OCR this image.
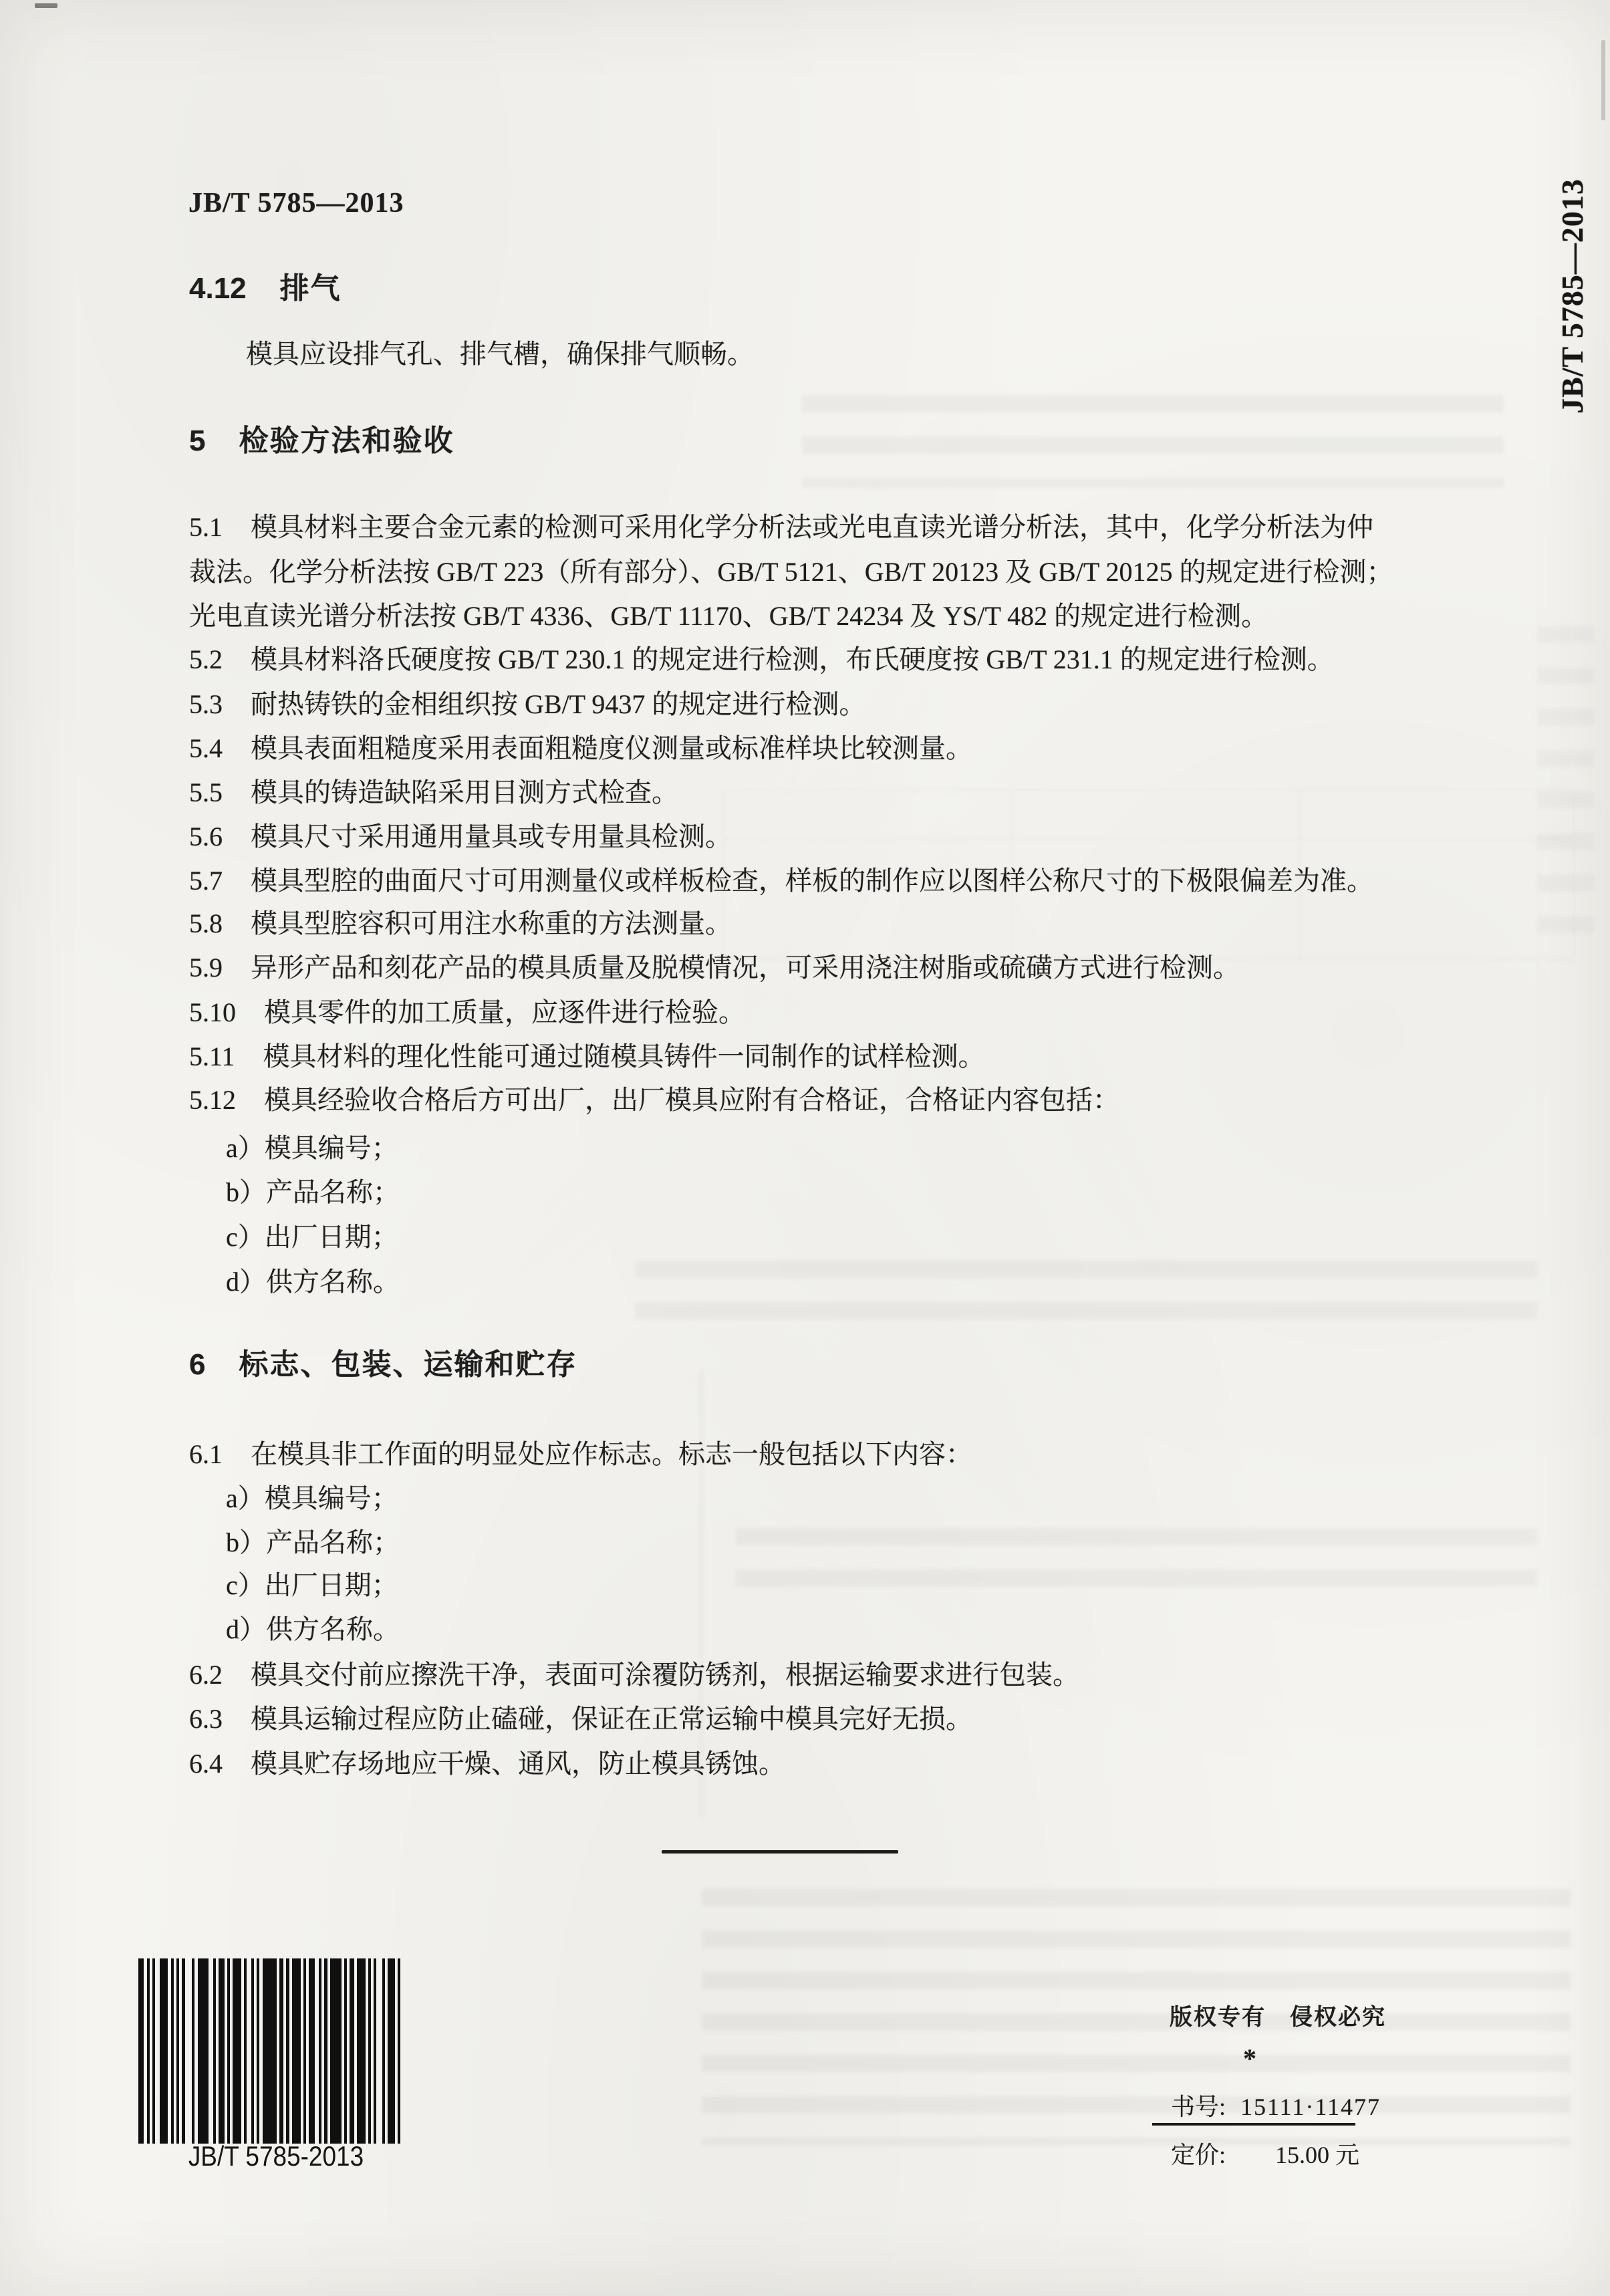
JB/T 5785—2013	JB/T 5785—2013
4.12 排气
模具应设排气孔、排气槽，确保排气顺畅。
5 检验方法和验收
5.1 模具材料主要合金元素的检测可采用化学分析法或光电直读光谱分析法，其中，化学分析法为仲
裁法。化学分析法按 GB/T 223（所有部分）、GB/T 5121、GB/T 20123 及 GB/T 20125 的规定进行检测；
光电直读光谱分析法按 GB/T 4336、GB/T 11170、GB/T 24234 及 YS/T 482 的规定进行检测。
5.2 模具材料洛氏硬度按 GB/T 230.1 的规定进行检测，布氏硬度按 GB/T 231.1 的规定进行检测。
5.3 耐热铸铁的金相组织按 GB/T 9437 的规定进行检测。
5.4 模具表面粗糙度采用表面粗糙度仪测量或标准样块比较测量。
5.5 模具的铸造缺陷采用目测方式检查。
5.6 模具尺寸采用通用量具或专用量具检测。
5.7 模具型腔的曲面尺寸可用测量仪或样板检查，样板的制作应以图样公称尺寸的下极限偏差为准。
5.8 模具型腔容积可用注水称重的方法测量。
5.9 异形产品和刻花产品的模具质量及脱模情况，可采用浇注树脂或硫磺方式进行检测。
5.10 模具零件的加工质量，应逐件进行检验。
5.11 模具材料的理化性能可通过随模具铸件一同制作的试样检测。
5.12 模具经验收合格后方可出厂，出厂模具应附有合格证，合格证内容包括：
a）模具编号；
b）产品名称；
c）出厂日期；
d）供方名称。
6 标志、包装、运输和贮存
6.1 在模具非工作面的明显处应作标志。标志一般包括以下内容：
a）模具编号；
b）产品名称；
c）出厂日期；
d）供方名称。
6.2 模具交付前应擦洗干净，表面可涂覆防锈剂，根据运输要求进行包装。
6.3 模具运输过程应防止磕碰，保证在正常运输中模具完好无损。
6.4 模具贮存场地应干燥、通风，防止模具锈蚀。
JB/T 5785-2013
版权专有　侵权必究
*
书号: 15111·11477
定价: 15.00 元
